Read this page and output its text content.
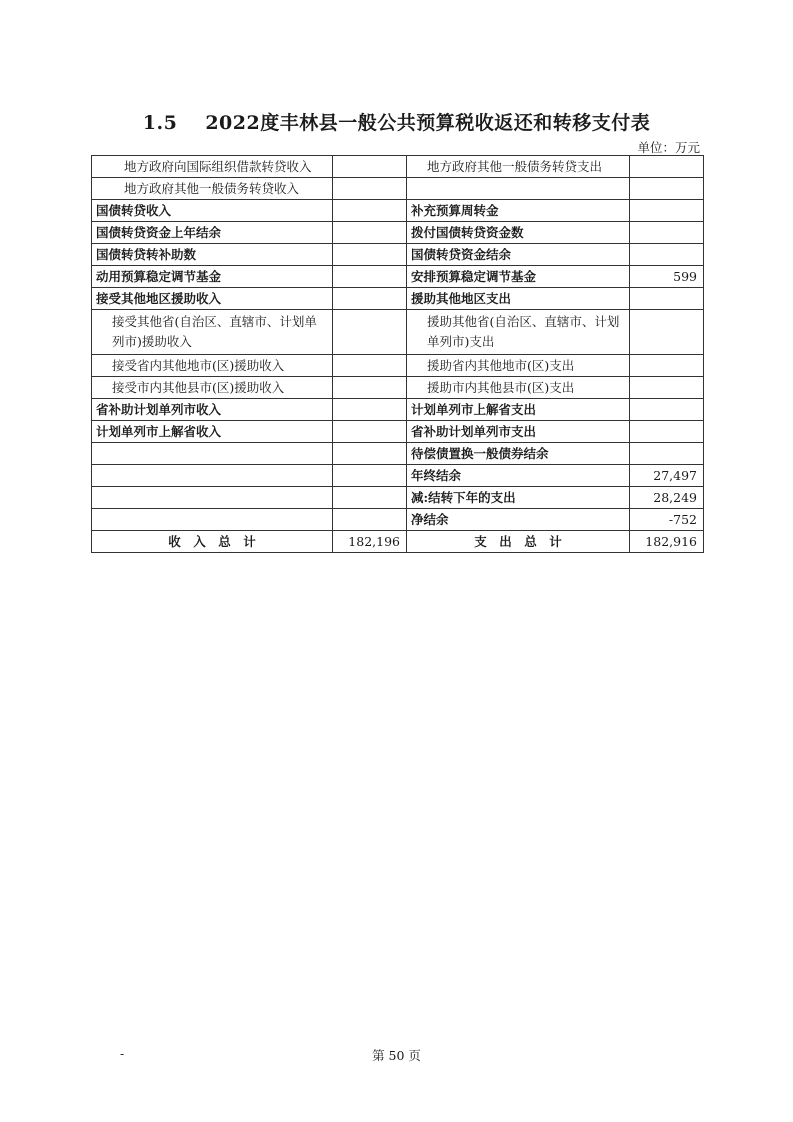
1.5 2022度丰林县一般公共预算税收返还和转移支付表
单位：万元
地方政府向国际组织借款转贷收入		地方政府其他一般债务转贷支出	
地方政府其他一般债务转贷收入			
国债转贷收入		补充预算周转金	
国债转贷资金上年结余		拨付国债转贷资金数	
国债转贷转补助数		国债转贷资金结余	
动用预算稳定调节基金		安排预算稳定调节基金	599
接受其他地区援助收入		援助其他地区支出	
接受其他省(自治区、直辖市、计划单列市)援助收入		援助其他省(自治区、直辖市、计划单列市)支出	
接受省内其他地市(区)援助收入		援助省内其他地市(区)支出	
接受市内其他县市(区)援助收入		援助市内其他县市(区)支出	
省补助计划单列市收入		计划单列市上解省支出	
计划单列市上解省收入		省补助计划单列市支出	
		待偿债置换一般债券结余	
		年终结余	27,497
		减:结转下年的支出	28,249
		净结余	-752
收　入　总　计	182,196	支　出　总　计	182,916
-	第 50 页
